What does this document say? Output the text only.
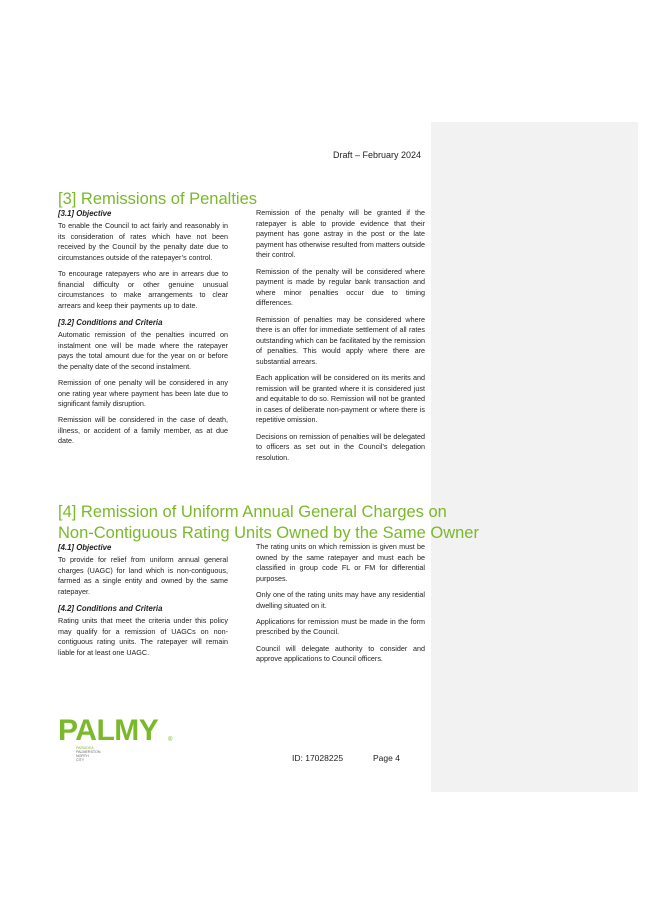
Draft – February 2024
[3] Remissions of Penalties
[3.1] Objective

To enable the Council to act fairly and reasonably in its consideration of rates which have not been received by the Council by the penalty date due to circumstances outside of the ratepayer’s control.

To encourage ratepayers who are in arrears due to financial difficulty or other genuine unusual circumstances to make arrangements to clear arrears and keep their payments up to date.

[3.2] Conditions and Criteria

Automatic remission of the penalties incurred on instalment one will be made where the ratepayer pays the total amount due for the year on or before the penalty date of the second instalment.

Remission of one penalty will be considered in any one rating year where payment has been late due to significant family disruption.

Remission will be considered in the case of death, illness, or accident of a family member, as at due date.

Remission of the penalty will be granted if the ratepayer is able to provide evidence that their payment has gone astray in the post or the late payment has otherwise resulted from matters outside their control.

Remission of the penalty will be considered where payment is made by regular bank transaction and where minor penalties occur due to timing differences.

Remission of penalties may be considered where there is an offer for immediate settlement of all rates outstanding which can be facilitated by the remission of penalties. This would apply where there are substantial arrears.

Each application will be considered on its merits and remission will be granted where it is considered just and equitable to do so. Remission will not be granted in cases of deliberate non-payment or where there is repetitive omission.

Decisions on remission of penalties will be delegated to officers as set out in the Council’s delegation resolution.

[4] Remission of Uniform Annual General Charges on
Non-Contiguous Rating Units Owned by the Same Owner
[4.1] Objective

To provide for relief from uniform annual general charges (UAGC) for land which is non-contiguous, farmed as a single entity and owned by the same ratepayer.

[4.2] Conditions and Criteria

Rating units that meet the criteria under this policy may qualify for a remission of UAGCs on non-contiguous rating units. The ratepayer will remain liable for at least one UAGC.

The rating units on which remission is given must be owned by the same ratepayer and must each be classified in group code FL or FM for differential purposes.

Only one of the rating units may have any residential dwelling situated on it.

Applications for remission must be made in the form prescribed by the Council.

Council will delegate authority to consider and approve applications to Council officers.

PALMY ®
PAPAIOEA
PALMERSTON
NORTH
CITY	ID: 17028225	Page 4
